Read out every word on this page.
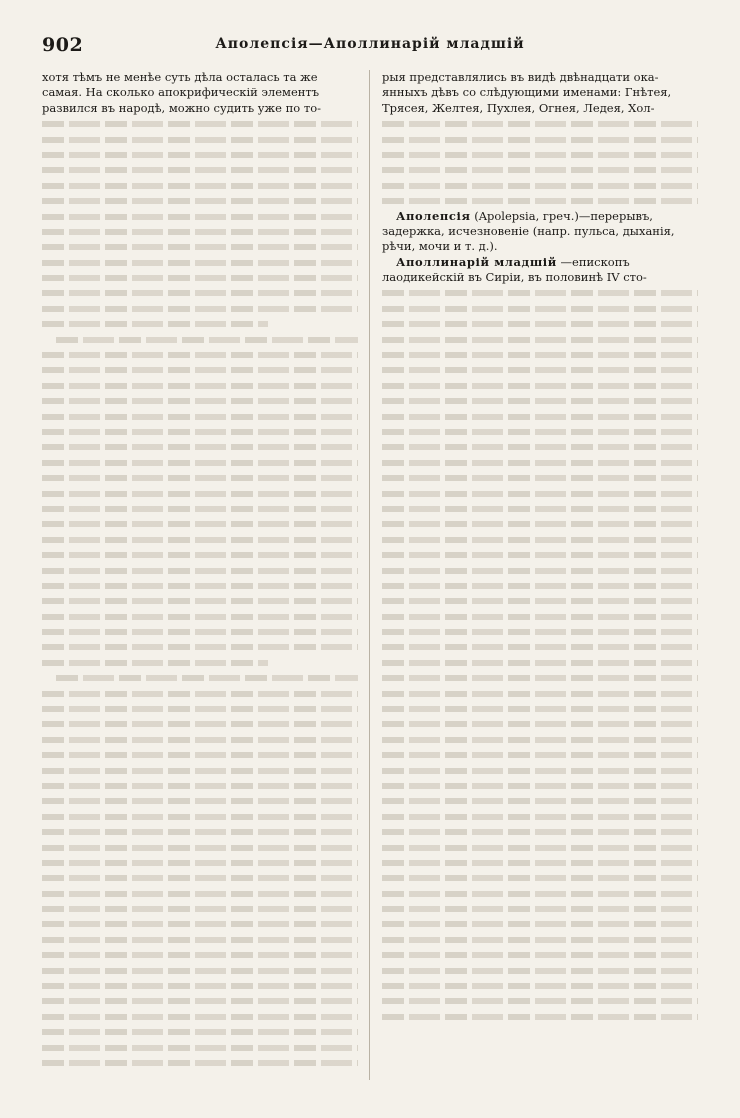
902	Аполепсія—Аполлинарій младшій
хотя тѣмъ не менѣе суть дѣла осталась та же
самая. На сколько апокрифическій элементъ
развился въ народѣ, можно судить уже по то-
рыя представлялись въ видѣ двѣнадцати ока-
янныхъ дѣвъ со слѣдующими именами: Гнѣтея,
Трясея, Желтея, Пухлея, Огнея, Ледея, Хол-
Аполепсія (Apolepsia, греч.)—перерывъ,
задержка, исчезновеніе (напр. пульса, дыханія,
рѣчи, мочи и т. д.).
Аполлинарій младшій —епископъ
лаодикейскій въ Сиріи, въ половинѣ IV сто-
